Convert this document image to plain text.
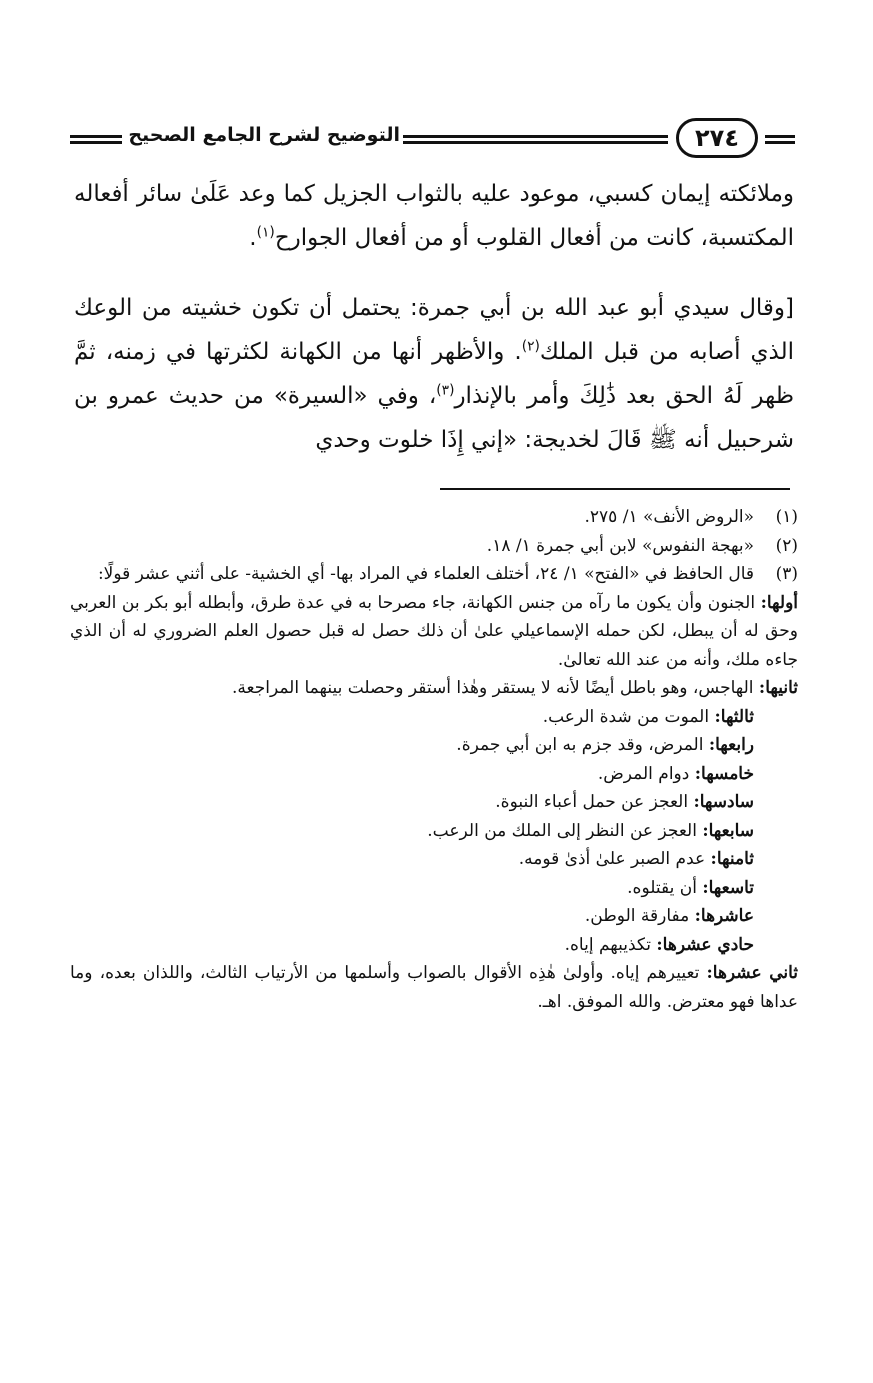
التوضيح لشرح الجامع الصحيح	٢٧٤

وملائكته إيمان كسبي، موعود عليه بالثواب الجزيل كما وعد عَلَىٰ سائر أفعاله المكتسبة، كانت من أفعال القلوب أو من أفعال الجوارح$^{(١)}$.

[وقال سيدي أبو عبد الله بن أبي جمرة: يحتمل أن تكون خشيته من الوعك الذي أصابه من قبل الملك$^{(٢)}$. والأظهر أنها من الكهانة لكثرتها في زمنه، ثمَّ ظهر لَهُ الحق بعد ذَٰلِكَ وأمر بالإنذار$^{(٣)}$، وفي «السيرة» من حديث عمرو بن شرحبيل أنه ﷺ قَالَ لخديجة: «إني إِذَا خلوت وحدي

(١)
«الروض الأنف» ١/ ٢٧٥.
(٢)
«بهجة النفوس» لابن أبي جمرة ١/ ١٨.
(٣)
قال الحافظ في «الفتح» ١/ ٢٤، أختلف العلماء في المراد بها- أي الخشية- على أثني عشر قولًا:

أولها: الجنون وأن يكون ما رآه من جنس الكهانة، جاء مصرحا به في عدة طرق، وأبطله أبو بكر بن العربي وحق له أن يبطل، لكن حمله الإسماعيلي علىٰ أن ذلك حصل له قبل حصول العلم الضروري له أن الذي جاءه ملك، وأنه من عند الله تعالىٰ.

ثانيها: الهاجس، وهو باطل أيضًا لأنه لا يستقر وهٰذا أستقر وحصلت بينهما المراجعة.

ثالثها: الموت من شدة الرعب.

رابعها: المرض، وقد جزم به ابن أبي جمرة.

خامسها: دوام المرض.

سادسها: العجز عن حمل أعباء النبوة.

سابعها: العجز عن النظر إلى الملك من الرعب.

ثامنها: عدم الصبر علىٰ أذىٰ قومه.

تاسعها: أن يقتلوه.

عاشرها: مفارقة الوطن.

حادي عشرها: تكذيبهم إياه.

ثاني عشرها: تعييرهم إياه. وأولىٰ هٰذِه الأقوال بالصواب وأسلمها من الأرتياب الثالث، واللذان بعده، وما عداها فهو معترض. والله الموفق. اهـ.
